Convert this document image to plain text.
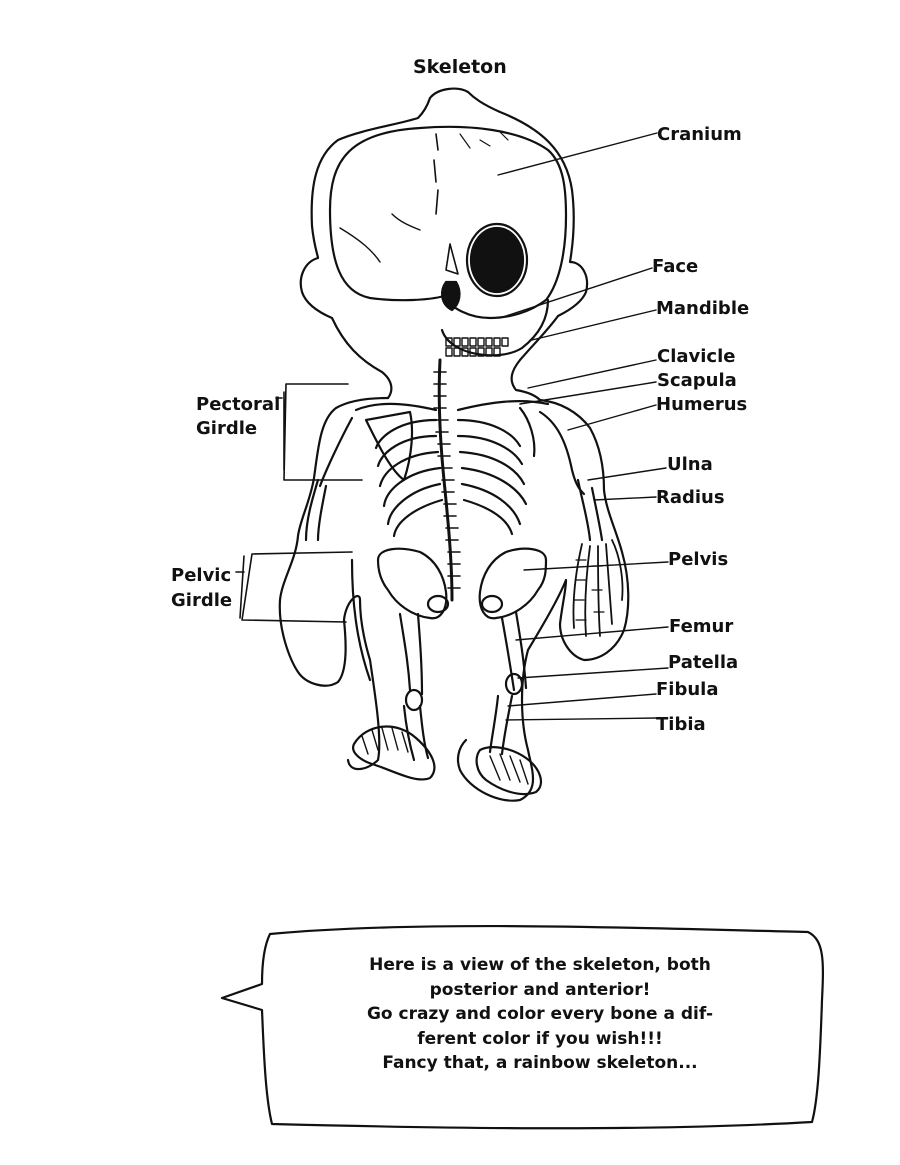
Skeleton
Cranium
Face
Mandible
Clavicle
Scapula
Humerus
Ulna
Radius
Pelvis
Femur
Patella
Fibula
Tibia
Pectoral
Girdle
Pelvic
Girdle
Here is a view of the skeleton, both
posterior and anterior!
Go crazy and color every bone a dif-
ferent color if you wish!!!
Fancy that, a rainbow skeleton...
